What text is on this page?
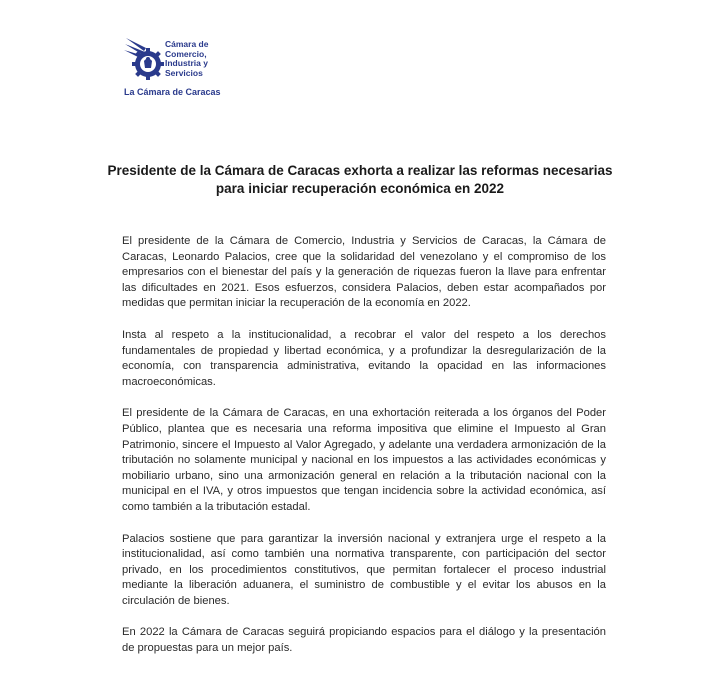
Cámara de
Comercio,
Industria y
Servicios
La Cámara de Caracas
Presidente de la Cámara de Caracas exhorta a realizar las reformas necesarias
para iniciar recuperación económica en 2022

El presidente de la Cámara de Comercio, Industria y Servicios de Caracas, la Cámara de Caracas, Leonardo Palacios, cree que la solidaridad del venezolano y el compromiso de los empresarios con el bienestar del país y la generación de riquezas fueron la llave para enfrentar las dificultades en 2021. Esos esfuerzos, considera Palacios, deben estar acompañados por medidas que permitan iniciar la recuperación de la economía en 2022.

Insta al respeto a la institucionalidad, a recobrar el valor del respeto a los derechos fundamentales de propiedad y libertad económica, y a profundizar la desregularización de la economía, con transparencia administrativa, evitando la opacidad en las informaciones macroeconómicas.

El presidente de la Cámara de Caracas, en una exhortación reiterada a los órganos del Poder Público, plantea que es necesaria una reforma impositiva que elimine el Impuesto al Gran Patrimonio, sincere el Impuesto al Valor Agregado, y adelante una verdadera armonización de la tributación no solamente municipal y nacional en los impuestos a las actividades económicas y mobiliario urbano, sino una armonización general en relación a la tributación nacional con la municipal en el IVA, y otros impuestos que tengan incidencia sobre la actividad económica, así como también a la tributación estadal.

Palacios sostiene que para garantizar la inversión nacional y extranjera urge el respeto a la institucionalidad, así como también una normativa transparente, con participación del sector privado, en los procedimientos constitutivos, que permitan fortalecer el proceso industrial mediante la liberación aduanera, el suministro de combustible y el evitar los abusos en la circulación de bienes.

En 2022 la Cámara de Caracas seguirá propiciando espacios para el diálogo y la presentación de propuestas para un mejor país.
